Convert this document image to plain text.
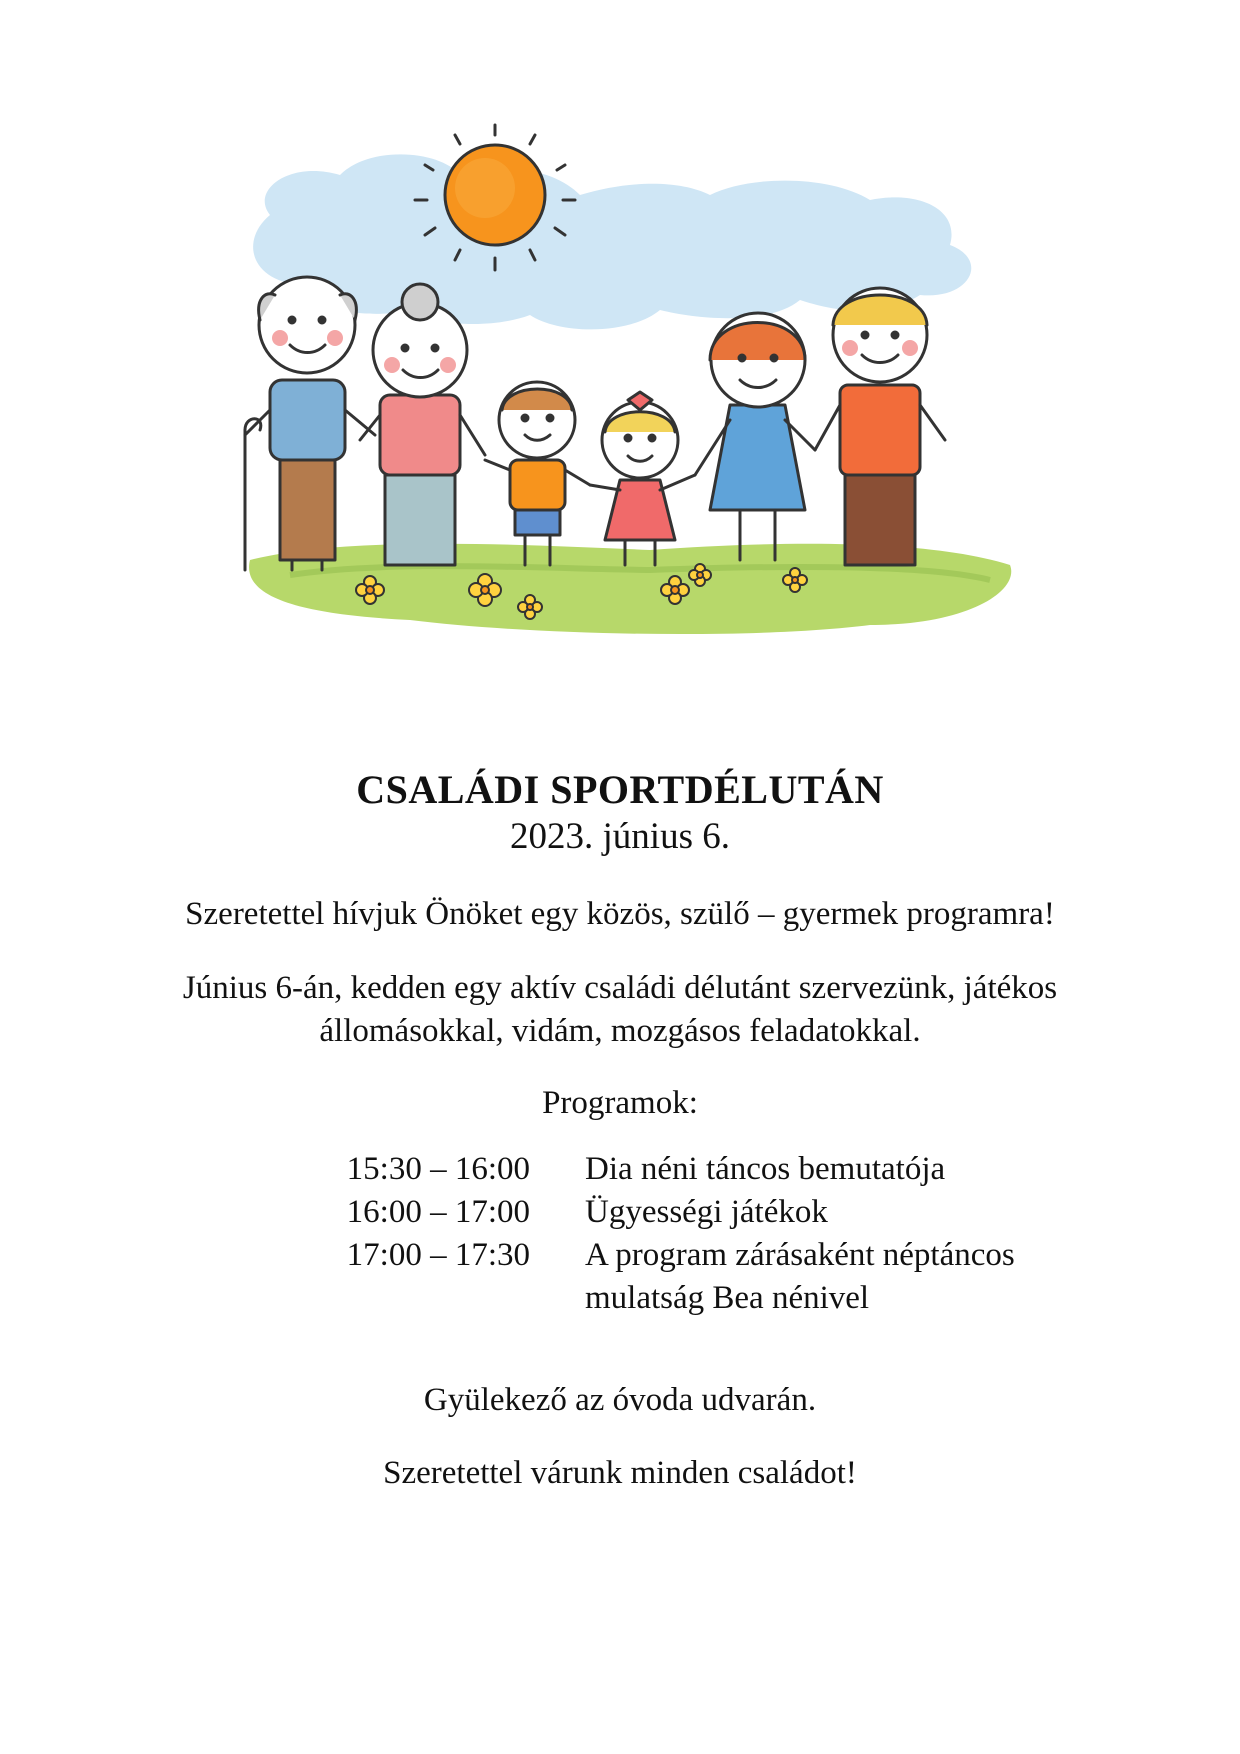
CSALÁDI SPORTDÉLUTÁN
2023. június 6.
Szeretettel hívjuk Önöket egy közös, szülő – gyermek programra!
Június 6-án, kedden egy aktív családi délutánt szervezünk, játékos
állomásokkal, vidám, mozgásos feladatokkal.
Programok:
15:30 – 16:00 Dia néni táncos bemutatója
16:00 – 17:00 Ügyességi játékok
17:00 – 17:30 A program zárásaként néptáncos
mulatság Bea nénivel
Gyülekező az óvoda udvarán.
Szeretettel várunk minden családot!
